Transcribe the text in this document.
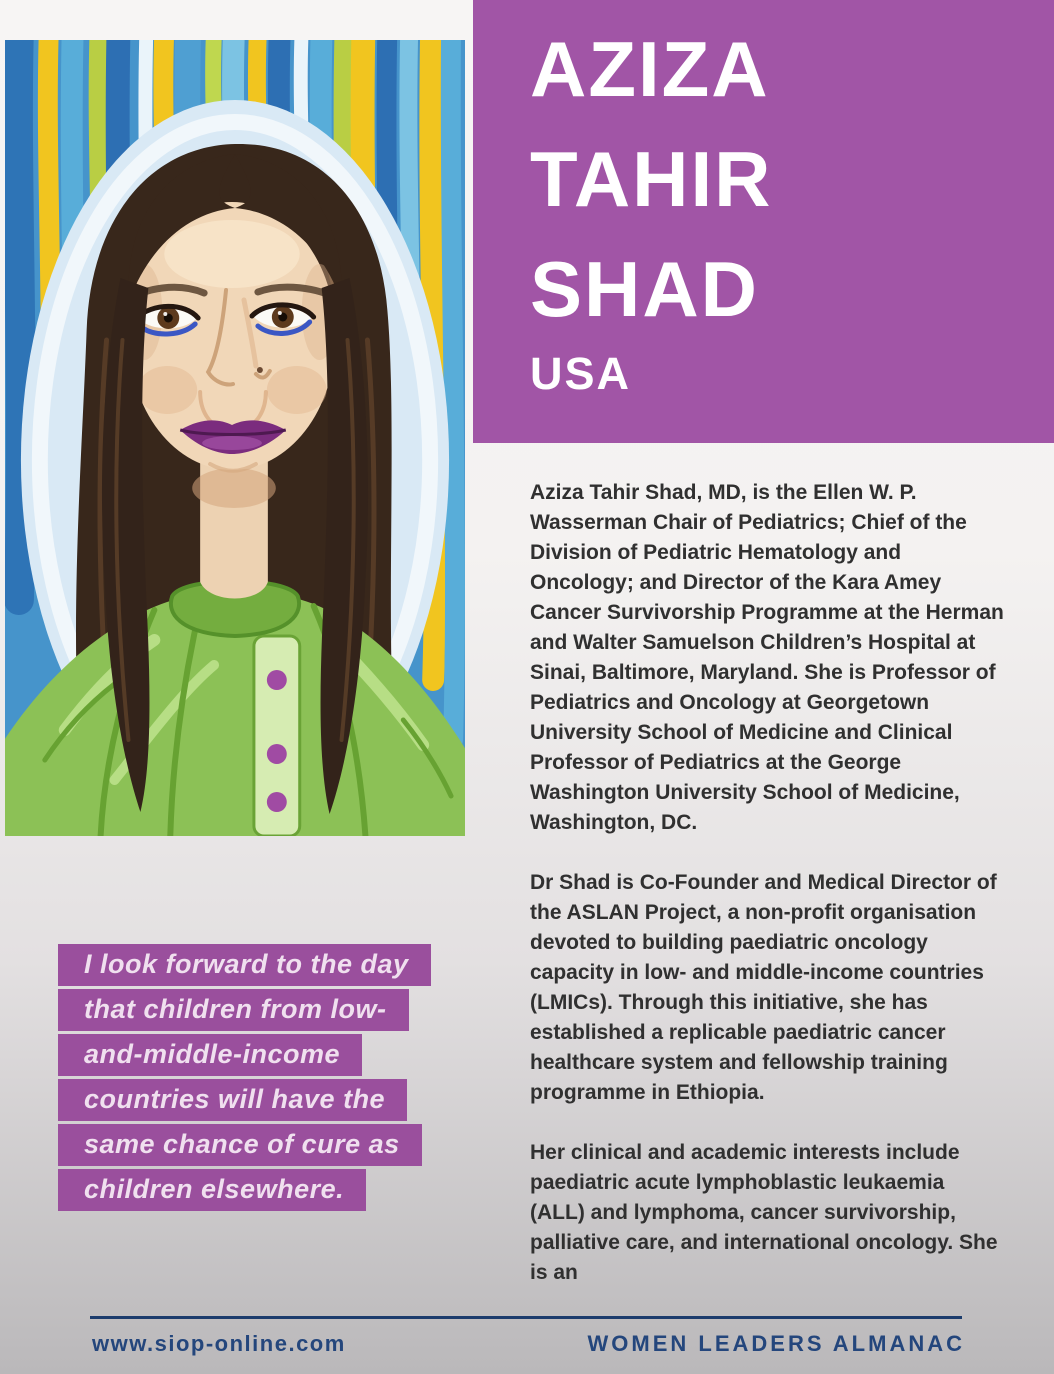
AZIZA
TAHIR
SHAD
USA

Aziza Tahir Shad, MD, is the Ellen W. P. Wasserman Chair of Pediatrics; Chief of the Division of Pediatric Hematology and Oncology; and Director of the Kara Amey Cancer Survivorship Programme at the Herman and Walter Samuelson Children’s Hospital at Sinai, Baltimore, Maryland. She is Professor of Pediatrics and Oncology at Georgetown University School of Medicine and Clinical Professor of Pediatrics at the George Washington University School of Medicine, Washington, DC.

Dr Shad is Co-Founder and Medical Director of the ASLAN Project, a non-profit organisation devoted to building paediatric oncology capacity in low- and middle-income countries (LMICs). Through this initiative, she has established a replicable paediatric cancer healthcare system and fellowship training programme in Ethiopia.

Her clinical and academic interests include paediatric acute lymphoblastic leukaemia (ALL) and lymphoma, cancer survivorship, palliative care, and international oncology. She is an

I look forward to the day
that children from low-
and-middle-income
countries will have the
same chance of cure as
children elsewhere.
www.siop-online.com	WOMEN LEADERS ALMANAC
